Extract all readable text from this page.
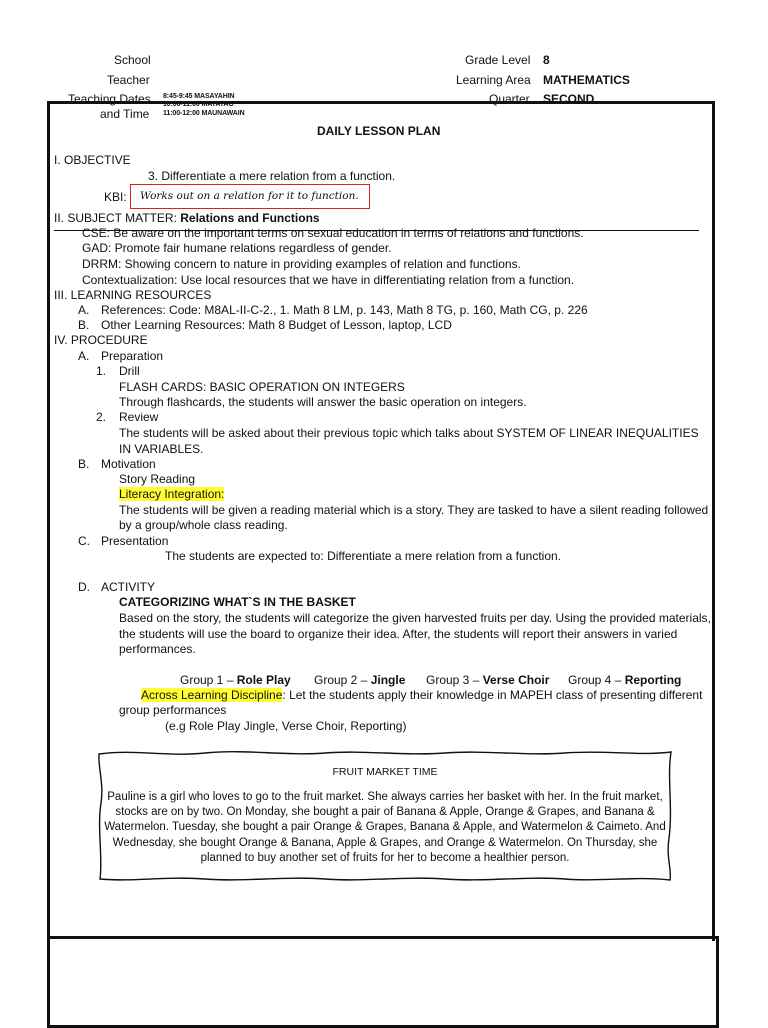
School
Teacher
Teaching Dates
and Time
8:45-9:45 MASAYAHIN
10:00-11:00 MATATAG
11:00-12:00 MAUNAWAIN
Grade Level
Learning Area
Quarter
8
MATHEMATICS
SECOND
DAILY LESSON PLAN
I. OBJECTIVE
3. Differentiate a mere relation from a function.
KBI:	Works out on a relation for it to function.
II. SUBJECT MATTER: Relations and Functions
CSE: Be aware on the important terms on sexual education in terms of relations and functions.
GAD: Promote fair humane relations regardless of gender.
DRRM: Showing concern to nature in providing examples of relation and functions.
Contextualization: Use local resources that we have in differentiating relation from a function.
III. LEARNING RESOURCES
A. References: Code: M8AL-II-C-2., 1. Math 8 LM, p. 143, Math 8 TG, p. 160, Math CG, p. 226
B. Other Learning Resources: Math 8 Budget of Lesson, laptop, LCD
IV. PROCEDURE
A. Preparation
1. Drill
FLASH CARDS: BASIC OPERATION ON INTEGERS
Through flashcards, the students will answer the basic operation on integers.
2. Review
The students will be asked about their previous topic which talks about SYSTEM OF LINEAR INEQUALITIES
IN VARIABLES.
B. Motivation
Story Reading
Literacy Integration:
The students will be given a reading material which is a story. They are tasked to have a silent reading followed
by a group/whole class reading.
C. Presentation
The students are expected to: Differentiate a mere relation from a function.
D. ACTIVITY
CATEGORIZING WHAT`S IN THE BASKET
Based on the story, the students will categorize the given harvested fruits per day. Using the provided materials,
the students will use the board to organize their idea. After, the students will report their answers in varied
performances.
Group 1 – Role Play Group 2 – Jingle Group 3 – Verse Choir Group 4 – Reporting
Across Learning Discipline: Let the students apply their knowledge in MAPEH class of presenting different
group performances
(e.g Role Play Jingle, Verse Choir, Reporting)
FRUIT MARKET TIME
Pauline is a girl who loves to go to the fruit market. She always carries her basket with her. In the fruit market, stocks are on by two. On Monday, she bought a pair of Banana & Apple, Orange & Grapes, and Banana & Watermelon. Tuesday, she bought a pair Orange & Grapes, Banana & Apple, and Watermelon & Caimeto. And Wednesday, she bought Orange & Banana, Apple & Grapes, and Orange & Watermelon. On Thursday, she planned to buy another set of fruits for her to become a healthier person.
